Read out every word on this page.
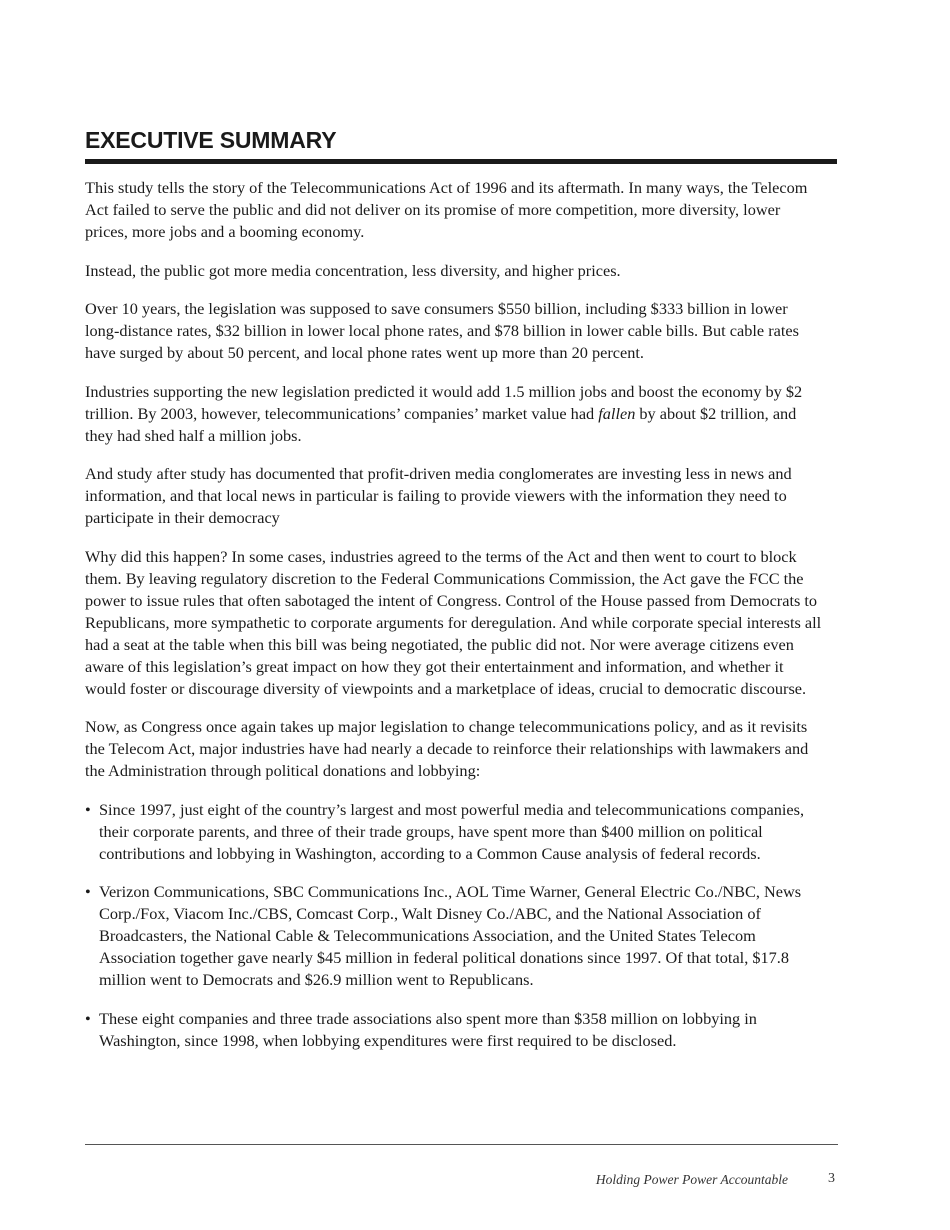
EXECUTIVE SUMMARY

This study tells the story of the Telecommunications Act of 1996 and its aftermath. In many ways, the Telecom Act failed to serve the public and did not deliver on its promise of more competition, more diversity, lower prices, more jobs and a booming economy.

Instead, the public got more media concentration, less diversity, and higher prices.

Over 10 years, the legislation was supposed to save consumers $550 billion, including $333 billion in lower long-distance rates, $32 billion in lower local phone rates, and $78 billion in lower cable bills. But cable rates have surged by about 50 percent, and local phone rates went up more than 20 percent.

Industries supporting the new legislation predicted it would add 1.5 million jobs and boost the economy by $2 trillion. By 2003, however, telecommunications’ companies’ market value had fallen by about $2 trillion, and they had shed half a million jobs.

And study after study has documented that profit-driven media conglomerates are investing less in news and information, and that local news in particular is failing to provide viewers with the information they need to participate in their democracy

Why did this happen? In some cases, industries agreed to the terms of the Act and then went to court to block them. By leaving regulatory discretion to the Federal Communications Commission, the Act gave the FCC the power to issue rules that often sabotaged the intent of Congress. Control of the House passed from Democrats to Republicans, more sympathetic to corporate arguments for deregulation. And while corporate special interests all had a seat at the table when this bill was being negotiated, the public did not. Nor were average citizens even aware of this legislation’s great impact on how they got their entertainment and information, and whether it would foster or discourage diversity of viewpoints and a marketplace of ideas, crucial to democratic discourse.

Now, as Congress once again takes up major legislation to change telecommunications policy, and as it revisits the Telecom Act, major industries have had nearly a decade to reinforce their relationships with lawmakers and the Administration through political donations and lobbying:

• Since 1997, just eight of the country’s largest and most powerful media and telecommunications companies, their corporate parents, and three of their trade groups, have spent more than $400 million on political contributions and lobbying in Washington, according to a Common Cause analysis of federal records.
• Verizon Communications, SBC Communications Inc., AOL Time Warner, General Electric Co./NBC, News Corp./Fox, Viacom Inc./CBS, Comcast Corp., Walt Disney Co./ABC, and the National Association of Broadcasters, the National Cable & Telecommunications Association, and the United States Telecom Association together gave nearly $45 million in federal political donations since 1997. Of that total, $17.8 million went to Democrats and $26.9 million went to Republicans.
• These eight companies and three trade associations also spent more than $358 million on lobbying in Washington, since 1998, when lobbying expenditures were first required to be disclosed.
Holding Power Power Accountable	3
